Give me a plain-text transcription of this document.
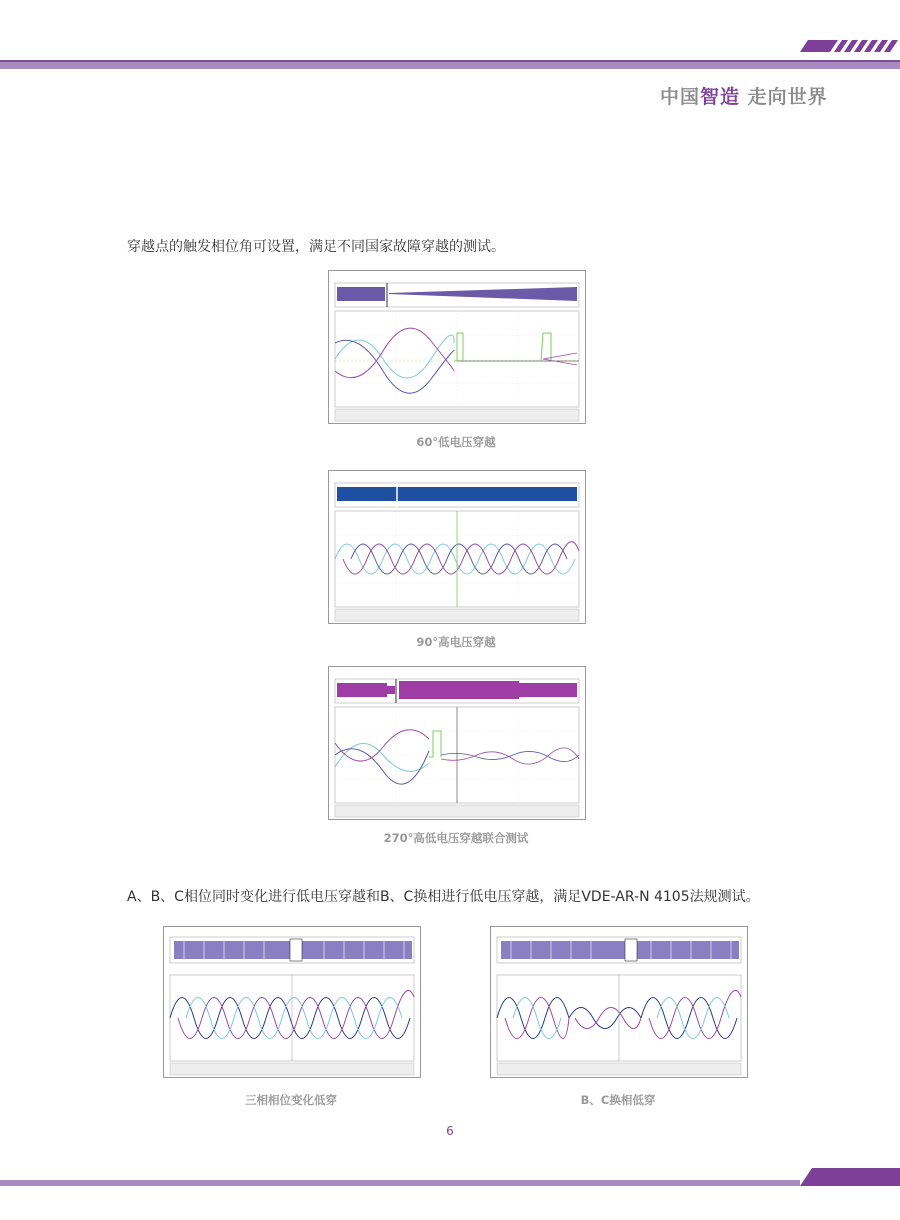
中国智造 走向世界
穿越点的触发相位角可设置，满足不同国家故障穿越的测试。
60°低电压穿越
90°高电压穿越
270°高低电压穿越联合测试
A、B、C相位同时变化进行低电压穿越和B、C换相进行低电压穿越，满足VDE-AR-N 4105法规测试。
三相相位变化低穿	B、C换相低穿
6
